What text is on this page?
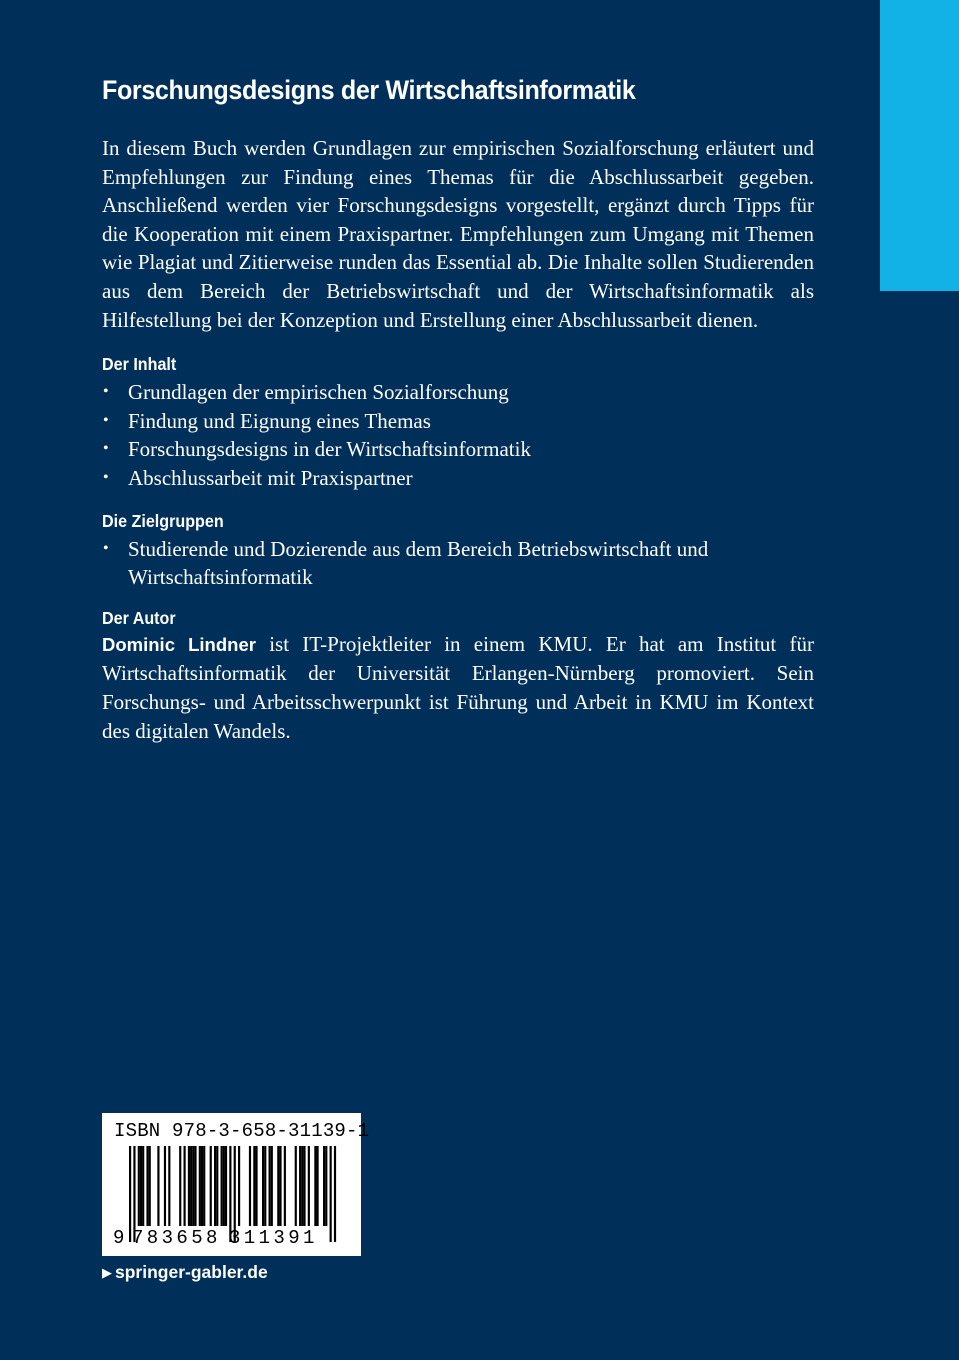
Forschungsdesigns der Wirtschaftsinformatik

In diesem Buch werden Grundlagen zur empirischen Sozialforschung erläutert und Empfehlungen zur Findung eines Themas für die Abschlussarbeit gegeben. Anschließend werden vier Forschungsdesigns vorgestellt, ergänzt durch Tipps für die Kooperation mit einem Praxispartner. Empfehlungen zum Umgang mit Themen wie Plagiat und Zitierweise runden das Essential ab. Die Inhalte sollen Studierenden aus dem Bereich der Betriebswirtschaft und der Wirtschaftsinformatik als Hilfestellung bei der Konzeption und Erstellung einer Abschlussarbeit dienen.

Der Inhalt
• Grundlagen der empirischen Sozialforschung
• Findung und Eignung eines Themas
• Forschungsdesigns in der Wirtschaftsinformatik
• Abschlussarbeit mit Praxispartner
Die Zielgruppen
• Studierende und Dozierende aus dem Bereich Betriebswirtschaft und Wirtschaftsinformatik
Der Autor

Dominic Lindner ist IT-Projektleiter in einem KMU. Er hat am Institut für Wirtschaftsinformatik der Universität Erlangen-Nürnberg promoviert. Sein Forschungs- und Arbeitsschwerpunkt ist Führung und Arbeit in KMU im Kontext des digitalen Wandels.

ISBN 978-3-658-31139-1
9 783658 311391
▶ springer-gabler.de
